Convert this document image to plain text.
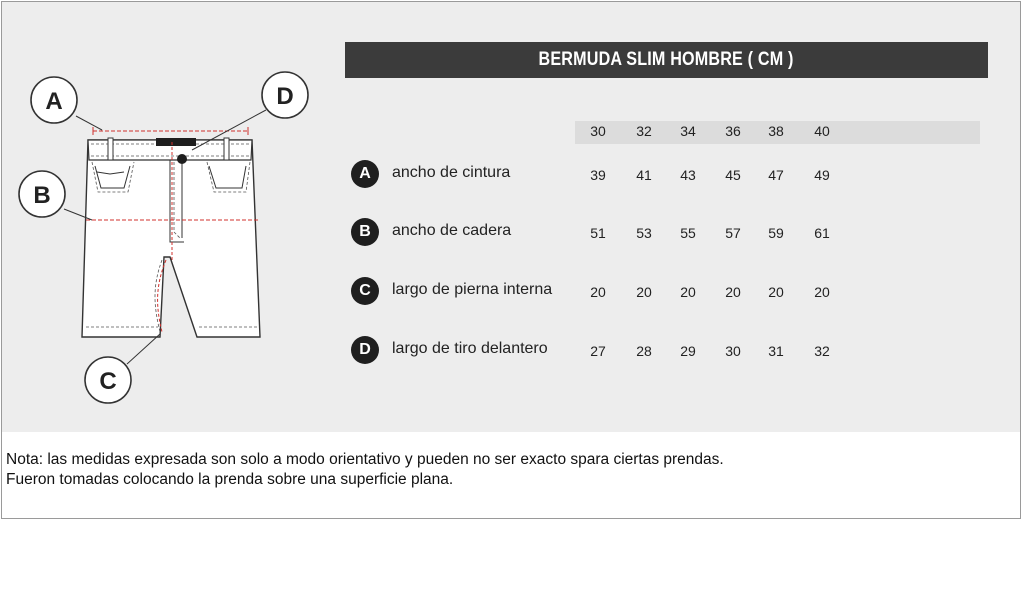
A
B
C
D
BERMUDA SLIM HOMBRE ( CM )
30	32	34	36	38	40
A	ancho de cintura	39	41	43	45	47	49
B	ancho de cadera	51	53	55	57	59	61
C	largo de pierna interna	20	20	20	20	20	20
D	largo de tiro delantero	27	28	29	30	31	32
Nota: las medidas expresada son solo a modo orientativo y pueden no ser exacto spara ciertas prendas.
Fueron tomadas colocando la prenda sobre una superficie plana.
